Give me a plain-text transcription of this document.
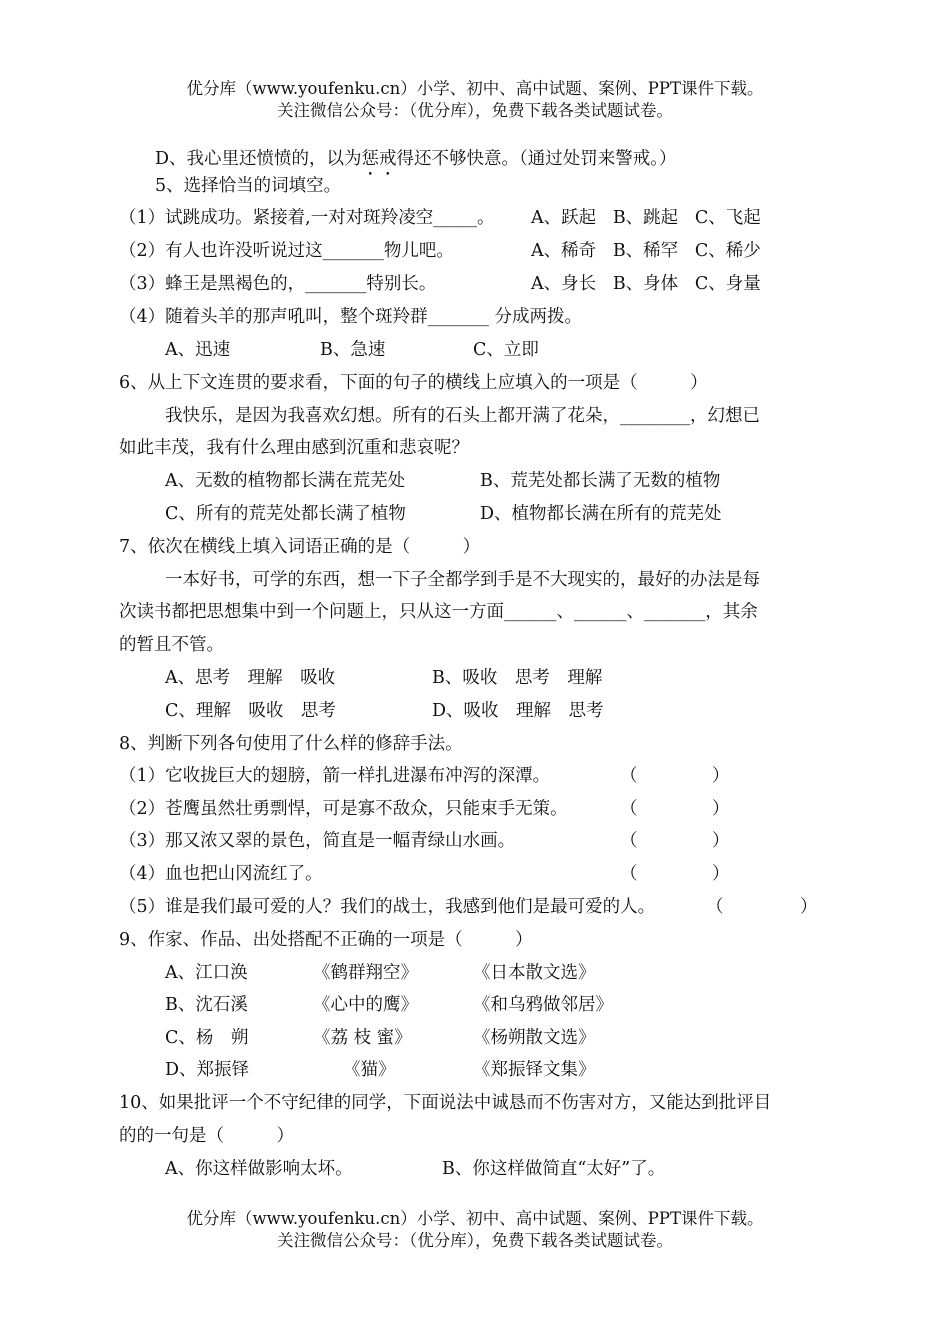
优分库（www.youfenku.cn）小学、初中、高中试题、案例、PPT课件下载。
关注微信公众号：（优分库），免费下载各类试题试卷。
D、我心里还愤愤的，以为惩戒得还不够快意。（通过处罚来警戒。）
5、选择恰当的词填空。
（1）试跳成功。紧接着,一对对斑羚凌空_____。 A、跃起   B、跳起   C、飞起
（2）有人也许没听说过这_______物儿吧。	A、稀奇   B、稀罕   C、稀少
（3）蜂王是黑褐色的，_______特别长。	A、身长   B、身体   C、身量
（4）随着头羊的那声吼叫，整个斑羚群_______ 分成两拨。
A、迅速	B、急速	C、立即
6、从上下文连贯的要求看，下面的句子的横线上应填入的一项是（　　　）
我快乐，是因为我喜欢幻想。所有的石头上都开满了花朵，________，幻想已
如此丰茂，我有什么理由感到沉重和悲哀呢？
A、无数的植物都长满在荒芜处	B、荒芜处都长满了无数的植物
C、所有的荒芜处都长满了植物	D、植物都长满在所有的荒芜处
7、依次在横线上填入词语正确的是（　　　）
一本好书，可学的东西，想一下子全都学到手是不大现实的，最好的办法是每
次读书都把思想集中到一个问题上，只从这一方面______、______、_______，其余
的暂且不管。
A、思考　理解　吸收	B、吸收　思考　理解
C、理解　吸收　思考	D、吸收　理解　思考
8、判断下列各句使用了什么样的修辞手法。
（1）它收拢巨大的翅膀，箭一样扎进瀑布冲泻的深潭。	（	）
（2）苍鹰虽然壮勇剽悍，可是寡不敌众，只能束手无策。	（	）
（3）那又浓又翠的景色，简直是一幅青绿山水画。	（	）
（4）血也把山冈流红了。	（	）
（5）谁是我们最可爱的人？我们的战士，我感到他们是最可爱的人。	（	）
9、作家、作品、出处搭配不正确的一项是（　　　）
A、江口涣	《鹤群翔空》	《日本散文选》
B、沈石溪	《心中的鹰》	《和乌鸦做邻居》
C、杨　朔	《荔 枝 蜜》	《杨朔散文选》
D、郑振铎	《猫》	《郑振铎文集》
10、如果批评一个不守纪律的同学，下面说法中诚恳而不伤害对方，又能达到批评目
的的一句是（　　　）
A、你这样做影响太坏。	B、你这样做简直“太好”了。
优分库（www.youfenku.cn）小学、初中、高中试题、案例、PPT课件下载。
关注微信公众号：（优分库），免费下载各类试题试卷。
